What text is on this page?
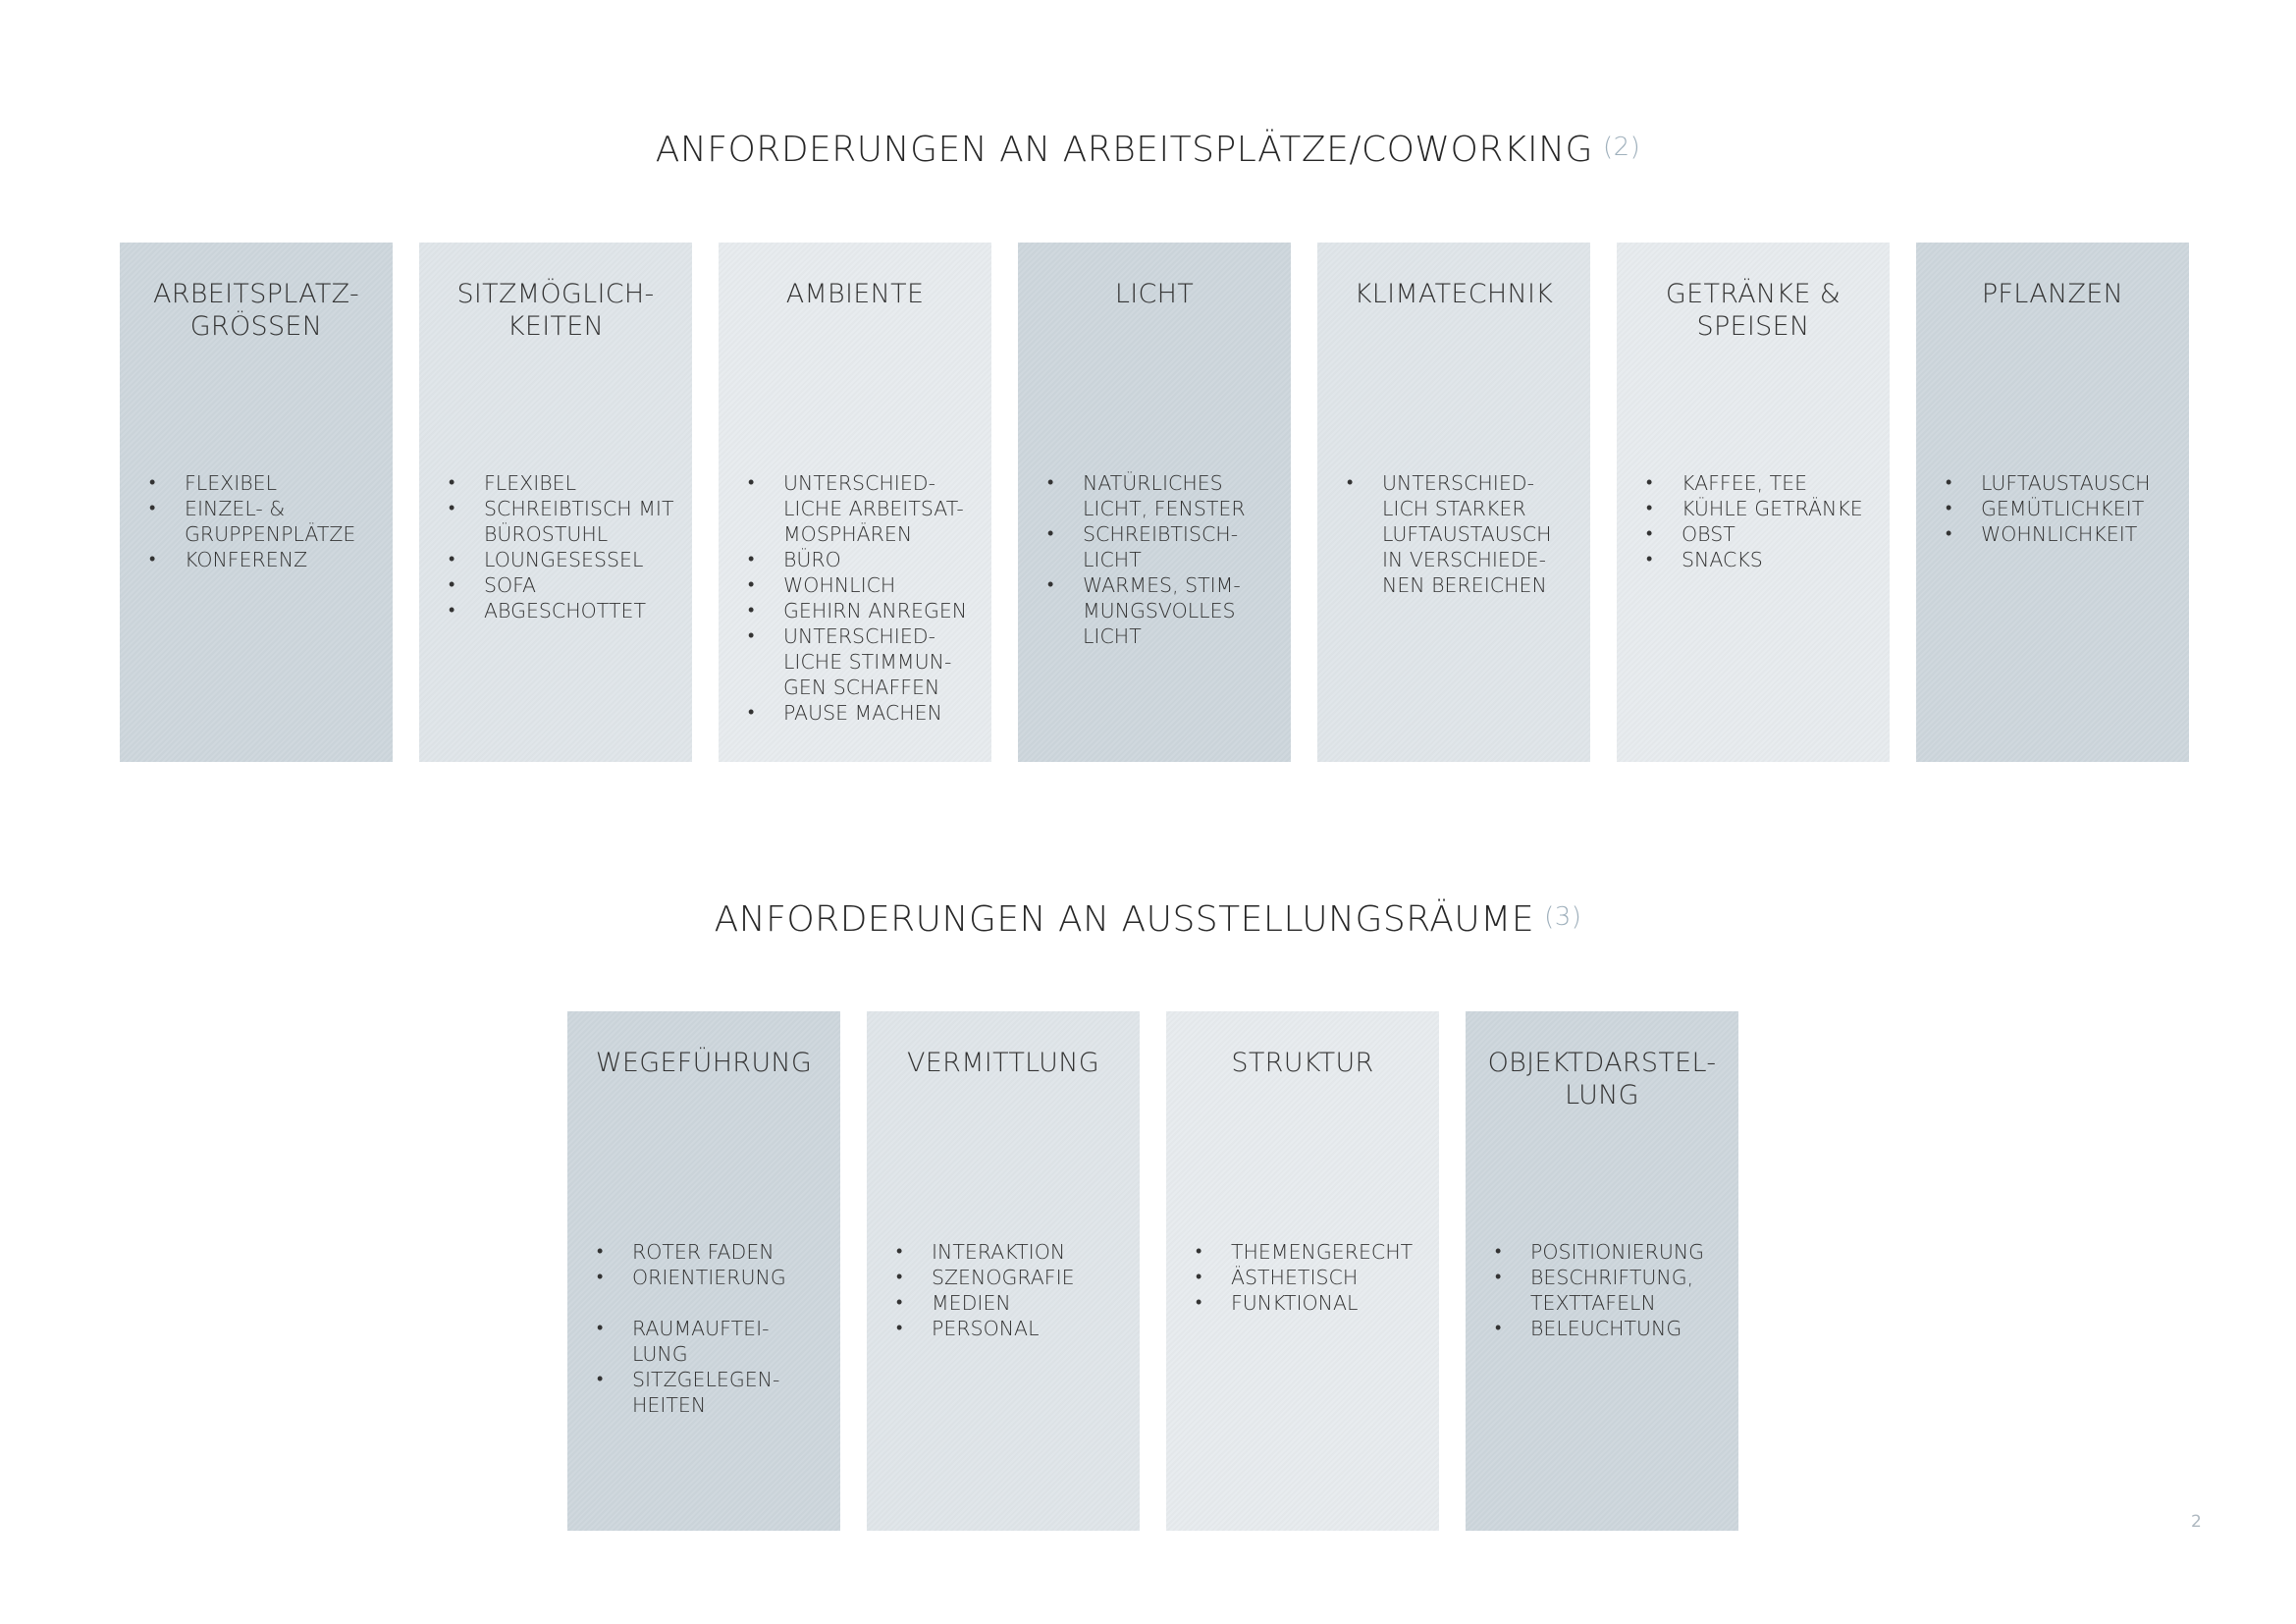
ANFORDERUNGEN AN ARBEITSPLÄTZE/COWORKING (2)
ARBEITSPLATZ-
GRÖSSEN
• FLEXIBEL
• EINZEL- &
GRUPPENPLÄTZE
• KONFERENZ
SITZMÖGLICH-
KEITEN
• FLEXIBEL
• SCHREIBTISCH MIT
BÜROSTUHL
• LOUNGESESSEL
• SOFA
• ABGESCHOTTET
AMBIENTE
• UNTERSCHIED-
LICHE ARBEITSAT-
MOSPHÄREN
• BÜRO
• WOHNLICH
• GEHIRN ANREGEN
• UNTERSCHIED-
LICHE STIMMUN-
GEN SCHAFFEN
• PAUSE MACHEN
LICHT
• NATÜRLICHES
LICHT, FENSTER
• SCHREIBTISCH-
LICHT
• WARMES, STIM-
MUNGSVOLLES
LICHT
KLIMATECHNIK
• UNTERSCHIED-
LICH STARKER
LUFTAUSTAUSCH
IN VERSCHIEDE-
NEN BEREICHEN
GETRÄNKE &
SPEISEN
• KAFFEE, TEE
• KÜHLE GETRÄNKE
• OBST
• SNACKS
PFLANZEN
• LUFTAUSTAUSCH
• GEMÜTLICHKEIT
• WOHNLICHKEIT
ANFORDERUNGEN AN AUSSTELLUNGSRÄUME (3)
WEGEFÜHRUNG
• ROTER FADEN
• ORIENTIERUNG
• RAUMAUFTEI-
LUNG
• SITZGELEGEN-
HEITEN
VERMITTLUNG
• INTERAKTION
• SZENOGRAFIE
• MEDIEN
• PERSONAL
STRUKTUR
• THEMENGERECHT
• ÄSTHETISCH
• FUNKTIONAL
OBJEKTDARSTEL-
LUNG
• POSITIONIERUNG
• BESCHRIFTUNG,
TEXTTAFELN
• BELEUCHTUNG
2
